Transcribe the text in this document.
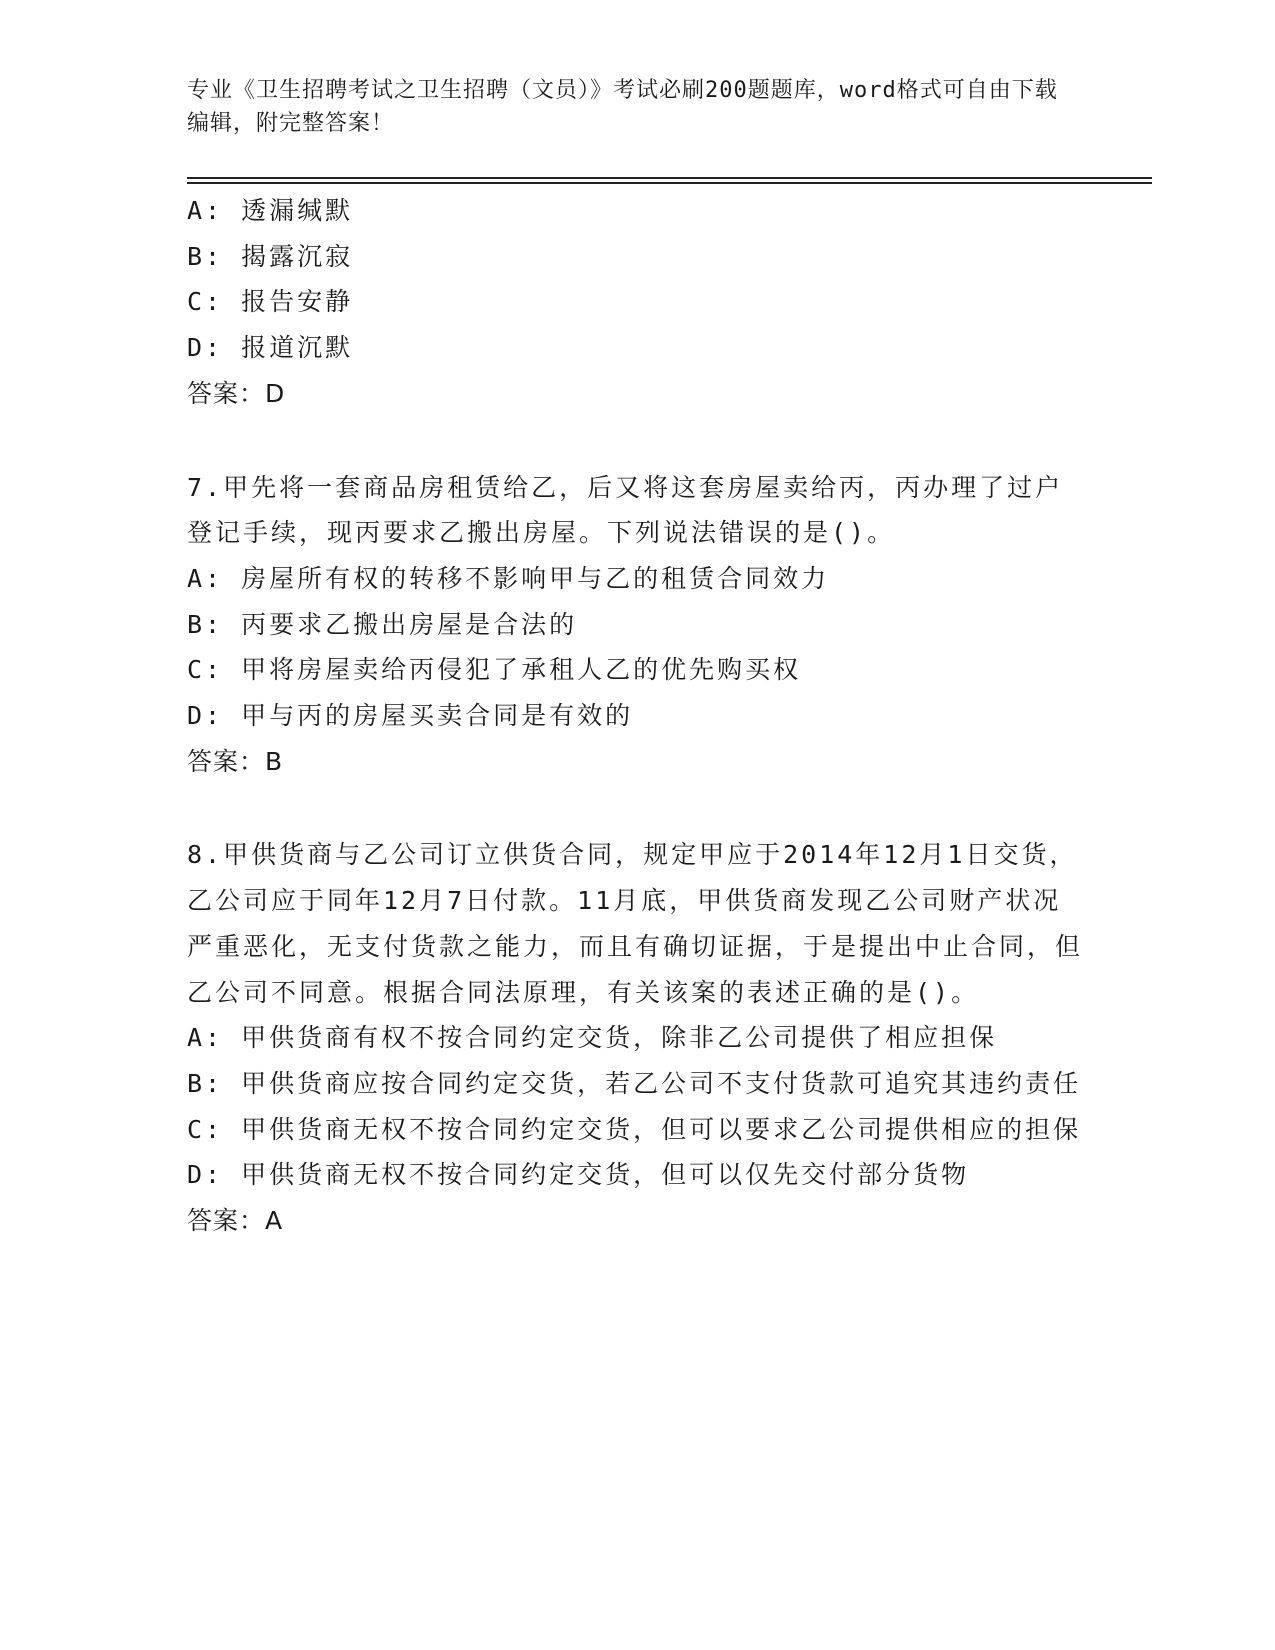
专业《卫生招聘考试之卫生招聘（文员）》考试必刷200题题库，word格式可自由下载编辑，附完整答案！
A: 透漏缄默
B: 揭露沉寂
C: 报告安静
D: 报道沉默
答案：D
7.甲先将一套商品房租赁给乙，后又将这套房屋卖给丙，丙办理了过户登记手续，现丙要求乙搬出房屋。下列说法错误的是()。
A: 房屋所有权的转移不影响甲与乙的租赁合同效力
B: 丙要求乙搬出房屋是合法的
C: 甲将房屋卖给丙侵犯了承租人乙的优先购买权
D: 甲与丙的房屋买卖合同是有效的
答案：B
8.甲供货商与乙公司订立供货合同，规定甲应于2014年12月1日交货，乙公司应于同年12月7日付款。11月底，甲供货商发现乙公司财产状况严重恶化，无支付货款之能力，而且有确切证据，于是提出中止合同，但乙公司不同意。根据合同法原理，有关该案的表述正确的是()。
A: 甲供货商有权不按合同约定交货，除非乙公司提供了相应担保
B: 甲供货商应按合同约定交货，若乙公司不支付货款可追究其违约责任
C: 甲供货商无权不按合同约定交货，但可以要求乙公司提供相应的担保
D: 甲供货商无权不按合同约定交货，但可以仅先交付部分货物
答案：A
